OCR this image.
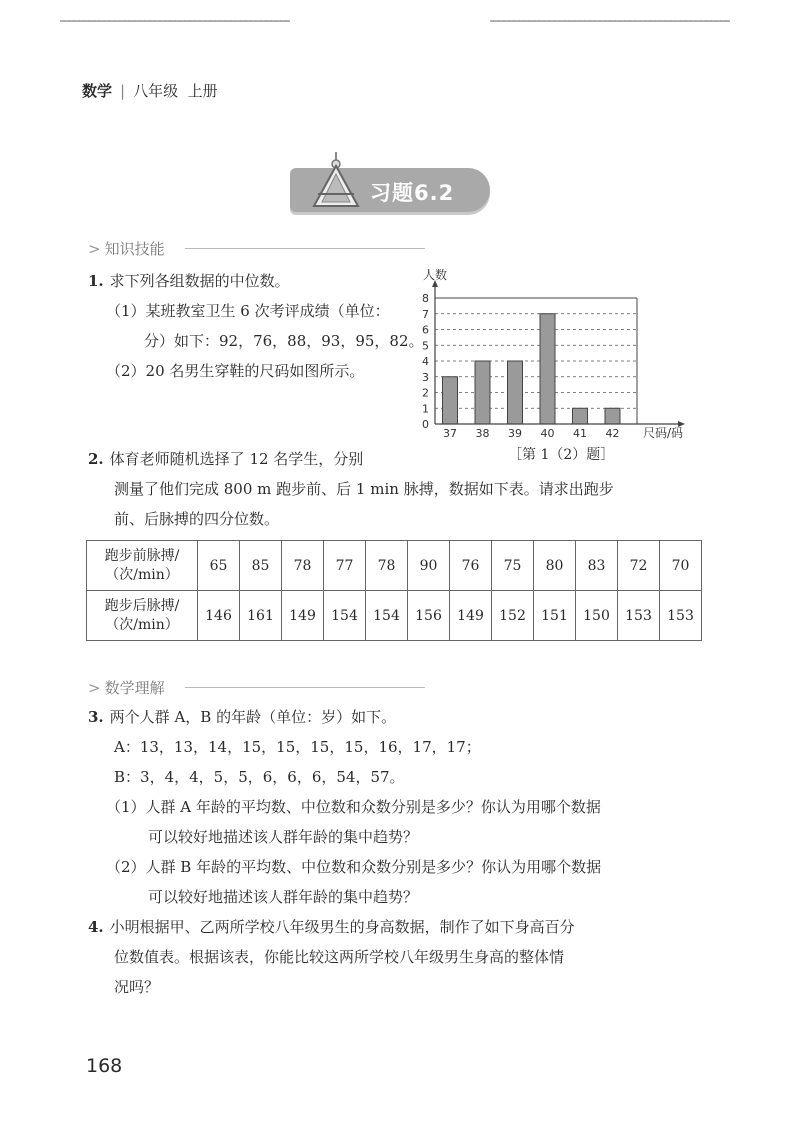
数学 | 八年级 上册
习题6.2
> 知识技能
1. 求下列各组数据的中位数。
（1）某班教室卫生 6 次考评成绩（单位：
分）如下：92，76，88，93，95，82。
（2）20 名男生穿鞋的尺码如图所示。
0
1
2
3
4
5
6
7
8
37 38 39 40 41 42
人数
尺码/码
［第 1（2）题］
2. 体育老师随机选择了 12 名学生，分别
测量了他们完成 800 m 跑步前、后 1 min 脉搏，数据如下表。请求出跑步
前、后脉搏的四分位数。
跑步前脉搏/
（次/min）	65	85	78	77	78	90	76	75	80	83	72	70
跑步后脉搏/
（次/min）	146	161	149	154	154	156	149	152	151	150	153	153
> 数学理解
3. 两个人群 A，B 的年龄（单位：岁）如下。
A：13，13，14，15，15，15，15，16，17，17；
B：3，4，4，5，5，6，6，6，54，57。
（1）人群 A 年龄的平均数、中位数和众数分别是多少？你认为用哪个数据
可以较好地描述该人群年龄的集中趋势？
（2）人群 B 年龄的平均数、中位数和众数分别是多少？你认为用哪个数据
可以较好地描述该人群年龄的集中趋势？
4. 小明根据甲、乙两所学校八年级男生的身高数据，制作了如下身高百分
位数值表。根据该表，你能比较这两所学校八年级男生身高的整体情
况吗？
168
